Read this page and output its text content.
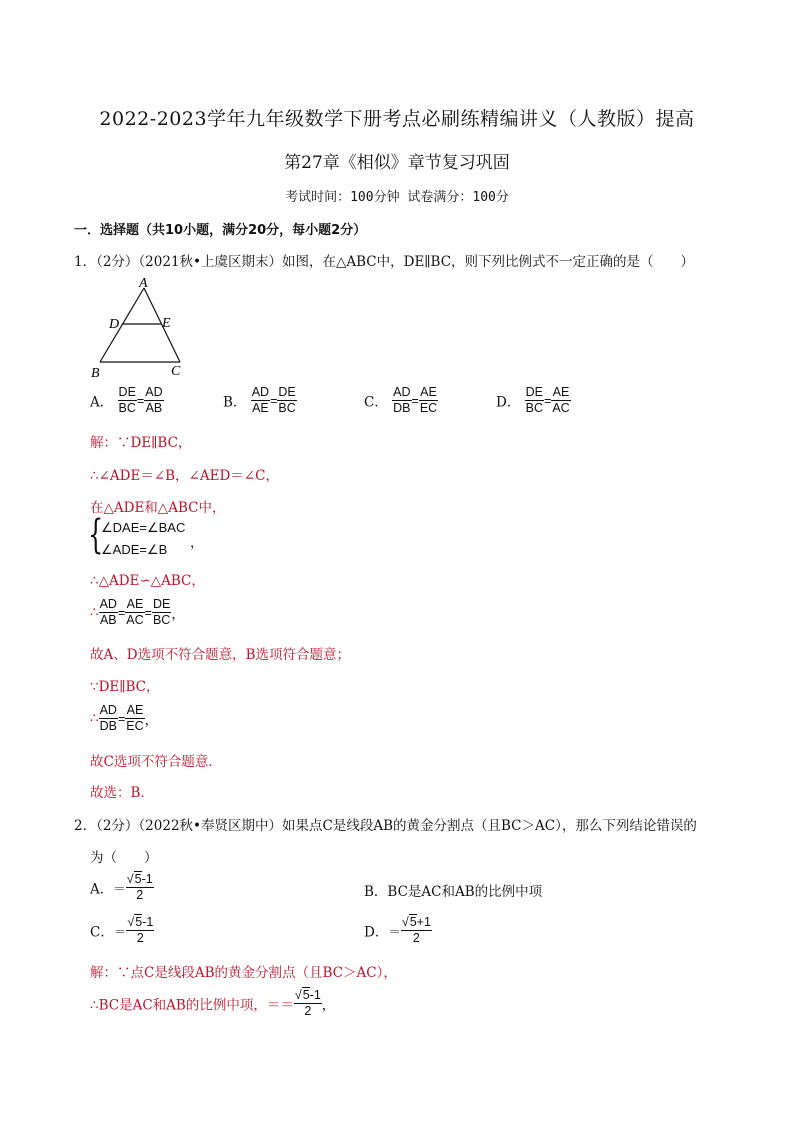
2022-2023学年九年级数学下册考点必刷练精编讲义（人教版）提高
第27章《相似》章节复习巩固
考试时间：100分钟 试卷满分：100分
一．选择题（共10小题，满分20分，每小题2分）
1．（2分）（2021秋•上虞区期末）如图，在△ABC中，DE∥BC，则下列比例式不一定正确的是（　　）
A
D	E
B	C
A． $\frac{DE}{BC} = \frac{AD}{AB}$	B． $\frac{AD}{AE} = \frac{DE}{BC}$	C． $\frac{AD}{DB} = \frac{AE}{EC}$	D． $\frac{DE}{BC} = \frac{AE}{AC}$
解：∵DE∥BC，
∴∠ADE＝∠B，∠AED＝∠C，
在△ADE和△ABC中，
{
∠DAE=∠BAC
∠ADE=∠B ，
∴△ADE∽△ABC，
∴ $\frac{AD}{AB} = \frac{AE}{AC} = \frac{DE}{BC}$ ，
故A、D选项不符合题意，B选项符合题意；
∵DE∥BC，
∴ $\frac{AD}{DB} = \frac{AE}{EC}$ ，
故C选项不符合题意．
故选：B．
2．（2分）（2022秋•奉贤区期中）如果点C是线段AB的黄金分割点（且BC＞AC），那么下列结论错误的
为（　　）
A．＝ $\frac{√5-1}{2}$	B．BC是AC和AB的比例中项
C．＝ $\frac{√5-1}{2}$	D．＝ $\frac{√5+1}{2}$
解：∵点C是线段AB的黄金分割点（且BC＞AC），
∴BC是AC和AB的比例中项，＝＝ $\frac{√5-1}{2}$ ，
